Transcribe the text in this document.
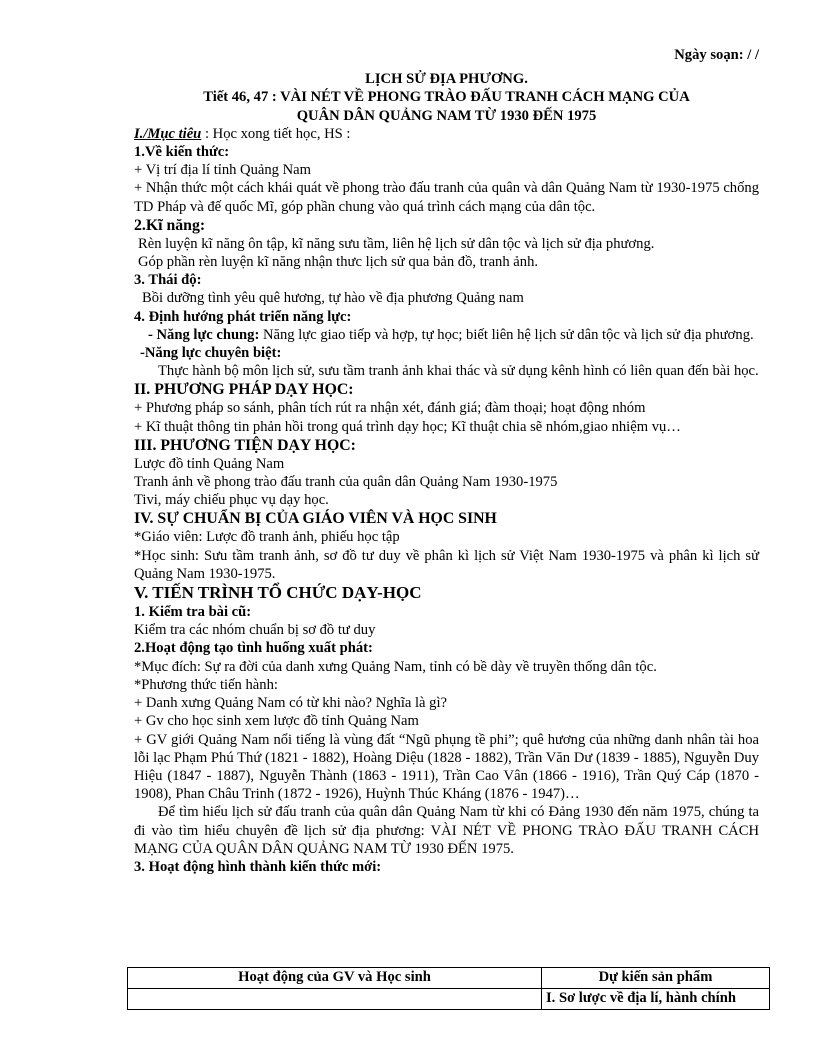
Ngày soạn: / /

LỊCH SỬ ĐỊA PHƯƠNG.

Tiết 46, 47 : VÀI NÉT VỀ PHONG TRÀO ĐẤU TRANH CÁCH MẠNG CỦA

QUÂN DÂN QUẢNG NAM TỪ 1930 ĐẾN 1975

I./Mục tiêu : Học xong tiết học, HS :

1.Về kiến thức:

+ Vị trí địa lí tỉnh Quảng Nam

+ Nhận thức một cách khái quát về phong trào đấu tranh của quân và dân Quảng Nam từ 1930-1975 chống TD Pháp và đế quốc Mĩ, góp phần chung vào quá trình cách mạng của dân tộc.

2.Kĩ năng:

Rèn luyện kĩ năng ôn tập, kĩ năng sưu tầm, liên hệ lịch sử dân tộc và lịch sử địa phương.

Góp phần rèn luyện kĩ năng nhận thưc lịch sử qua bản đồ, tranh ảnh.

3. Thái độ:

Bồi dưỡng tình yêu quê hương, tự hào về địa phương Quảng nam

4. Định hướng phát triển năng lực:

- Năng lực chung: Năng lực giao tiếp và hợp, tự học; biết liên hệ lịch sử dân tộc và lịch sử địa phương.

-Năng lực chuyên biệt:

Thực hành bộ môn lịch sử, sưu tầm tranh ảnh khai thác và sử dụng kênh hình có liên quan đến bài học.

II. PHƯƠNG PHÁP DẠY HỌC:

+ Phương pháp so sánh, phân tích rút ra nhận xét, đánh giá; đàm thoại; hoạt động nhóm

+ Kĩ thuật thông tin phản hồi trong quá trình dạy học; Kĩ thuật chia sẽ nhóm,giao nhiệm vụ…

III. PHƯƠNG TIỆN DẠY HỌC:

Lược đồ tỉnh Quảng Nam

Tranh ảnh về phong trào đấu tranh của quân dân Quảng Nam 1930-1975

Tivi, máy chiếu phục vụ dạy học.

IV. SỰ CHUẨN BỊ CỦA GIÁO VIÊN VÀ HỌC SINH

*Giáo viên: Lược đồ tranh ảnh, phiếu học tập

*Học sinh: Sưu tầm tranh ảnh, sơ đồ tư duy về phân kì lịch sử Việt Nam 1930-1975 và phân kì lịch sử Quảng Nam 1930-1975.

V. TIẾN TRÌNH TỔ CHỨC DẠY-HỌC

1. Kiểm tra bài cũ:

Kiểm tra các nhóm chuẩn bị sơ đồ tư duy

2.Hoạt động tạo tình huống xuất phát:

*Mục đích: Sự ra đời của danh xưng Quảng Nam, tỉnh có bề dày về truyền thống dân tộc.

*Phương thức tiến hành:

+ Danh xưng Quảng Nam có từ khi nào? Nghĩa là gì?

+ Gv cho học sinh xem lược đồ tỉnh Quảng Nam

+ GV giới Quảng Nam nổi tiếng là vùng đất “Ngũ phụng tề phi”; quê hương của những danh nhân tài hoa lỗi lạc Phạm Phú Thứ (1821 - 1882), Hoàng Diệu (1828 - 1882), Trần Văn Dư (1839 - 1885), Nguyễn Duy Hiệu (1847 - 1887), Nguyễn Thành (1863 - 1911), Trần Cao Vân (1866 - 1916), Trần Quý Cáp (1870 - 1908), Phan Châu Trinh (1872 - 1926), Huỳnh Thúc Kháng (1876 - 1947)…

Để tìm hiểu lịch sử đấu tranh của quân dân Quảng Nam từ khi có Đảng 1930 đến năm 1975, chúng ta đi vào tìm hiểu chuyên đề lịch sử địa phương: VÀI NÉT VỀ PHONG TRÀO ĐẤU TRANH CÁCH MẠNG CỦA QUÂN DÂN QUẢNG NAM TỪ 1930 ĐẾN 1975.

3. Hoạt động hình thành kiến thức mới:

Hoạt động của GV và Học sinh	Dự kiến sản phẩm
	I. Sơ lược về địa lí, hành chính
